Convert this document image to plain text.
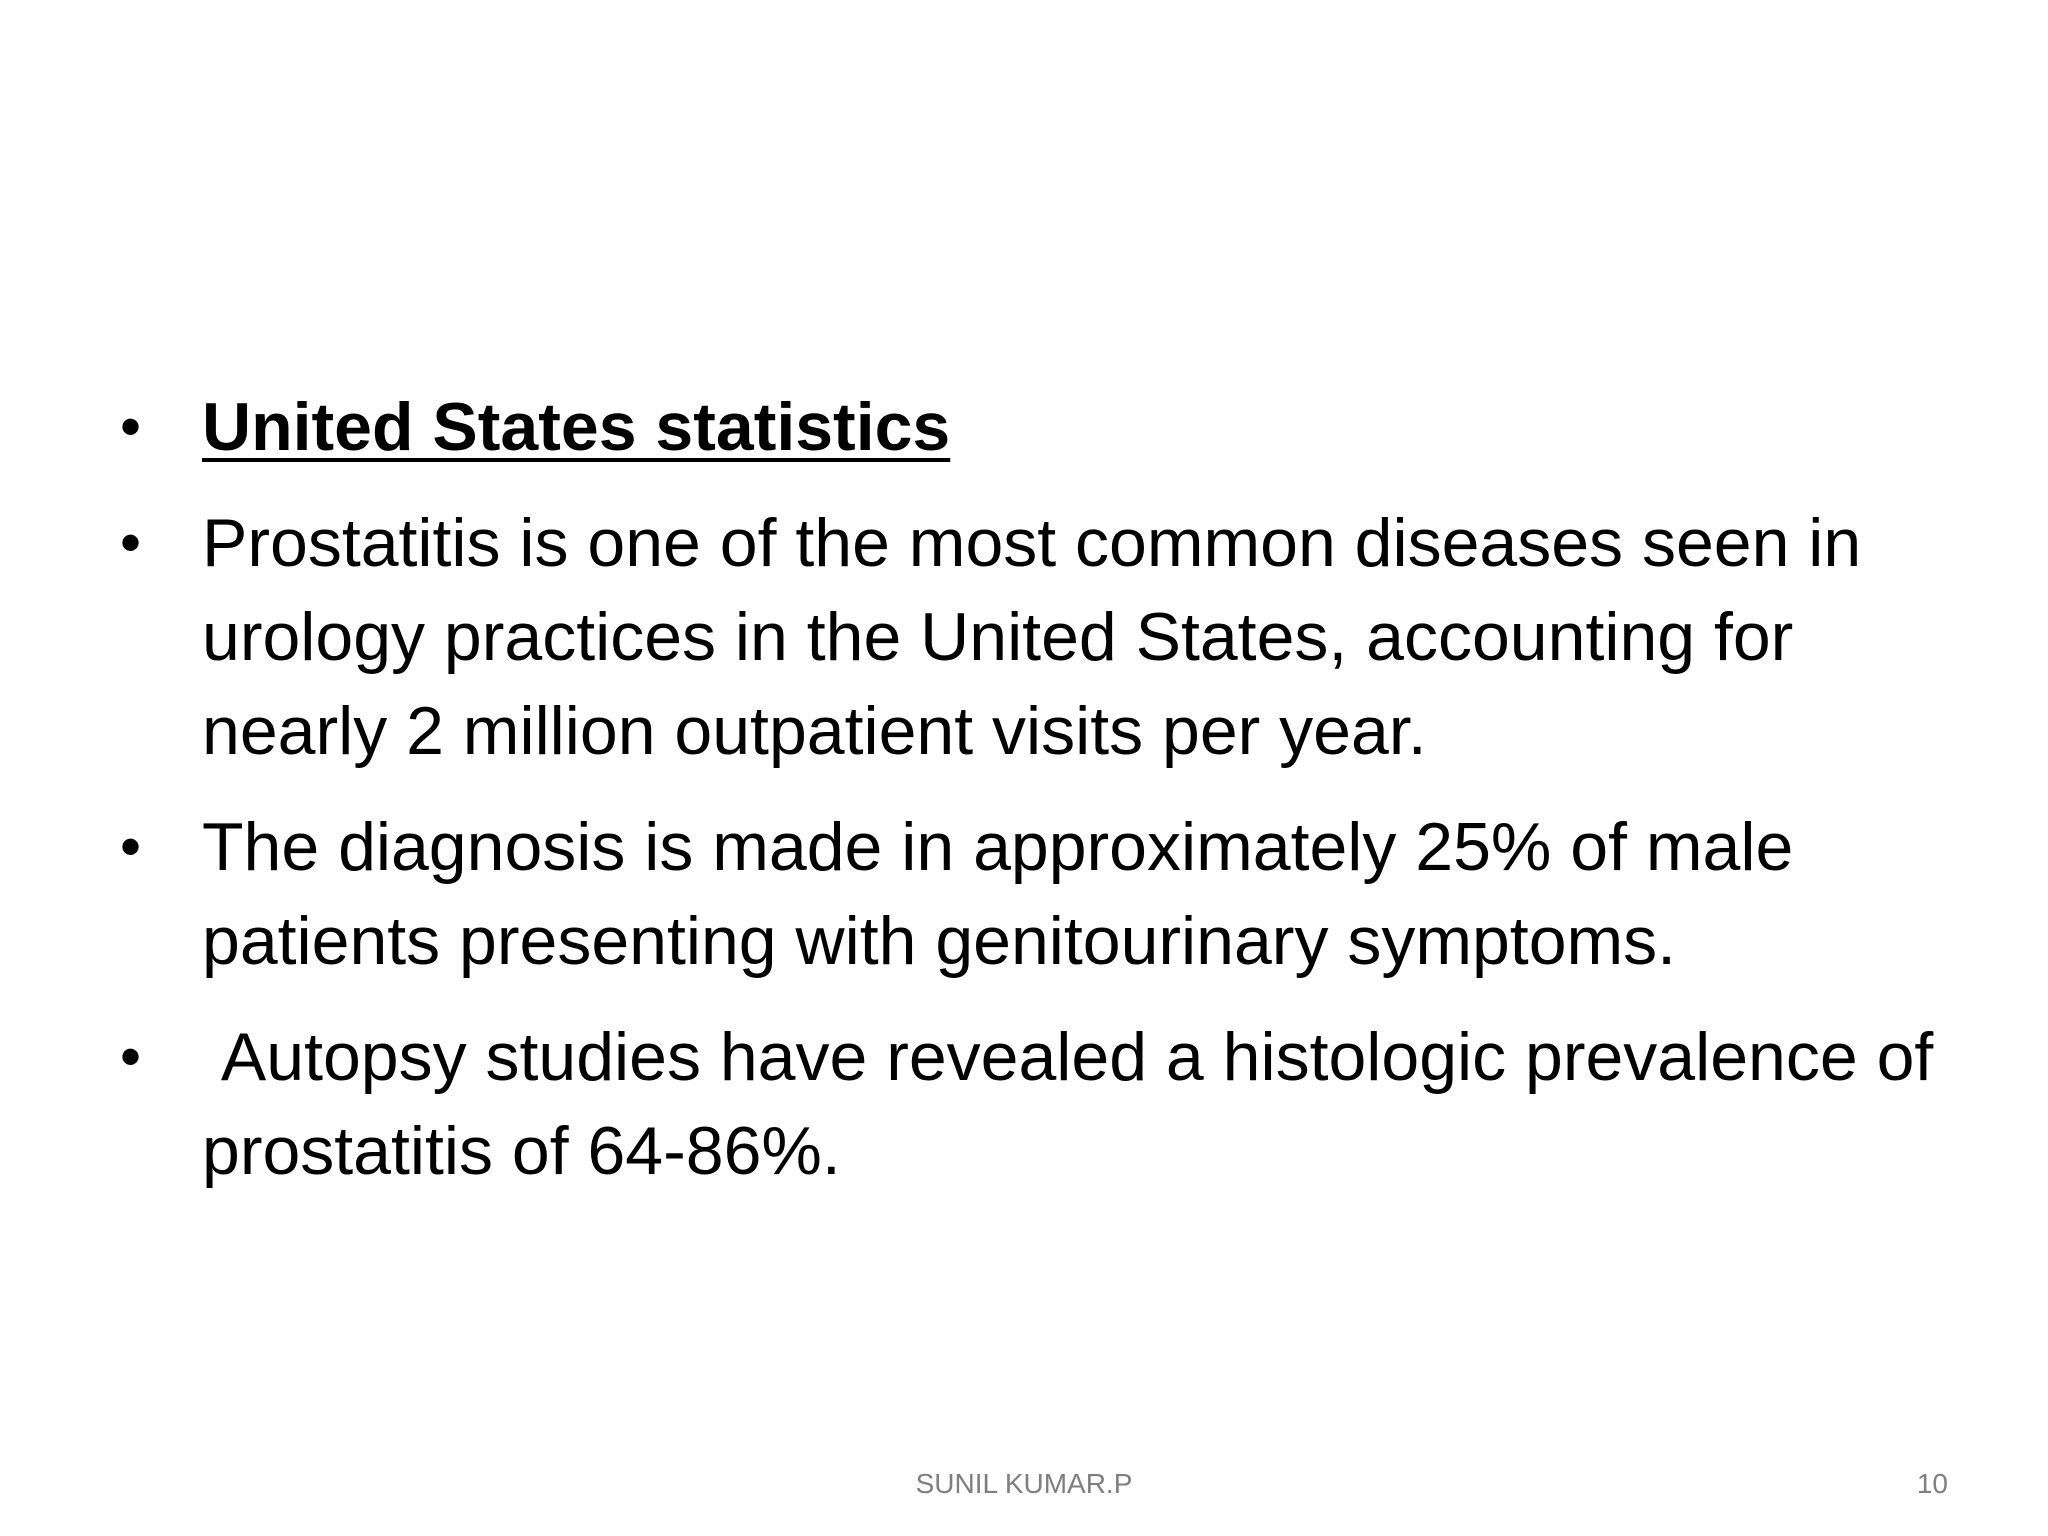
• United States statistics
• Prostatitis is one of the most common diseases seen in urology practices in the United States, accounting for nearly 2 million outpatient visits per year.
• The diagnosis is made in approximately 25% of male patients presenting with genitourinary symptoms.
• Autopsy studies have revealed a histologic prevalence of prostatitis of 64-86%.
SUNIL KUMAR.P	10
